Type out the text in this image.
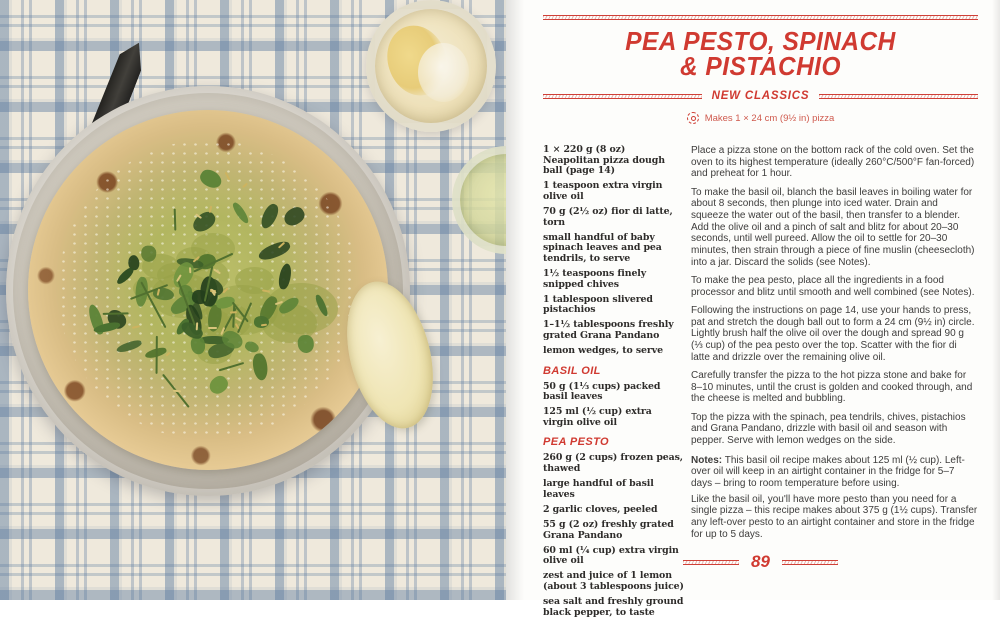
PEA PESTO, SPINACH
& PISTACHIO
NEW CLASSICS
Makes 1 × 24 cm (9½ in) pizza
1 × 220 g (8 oz) Neapolitan pizza dough ball (page 14)
1 teaspoon extra virgin olive oil
70 g (2½ oz) fior di latte, torn
small handful of baby spinach leaves and pea tendrils, to serve
1½ teaspoons finely snipped chives
1 tablespoon slivered pistachios
1–1½ tablespoons freshly grated Grana Pandano
lemon wedges, to serve
BASIL OIL
50 g (1⅓ cups) packed basil leaves
125 ml (½ cup) extra virgin olive oil
PEA PESTO
260 g (2 cups) frozen peas, thawed
large handful of basil leaves
2 garlic cloves, peeled
55 g (2 oz) freshly grated Grana Pandano
60 ml (¼ cup) extra virgin olive oil
zest and juice of 1 lemon (about 3 tablespoons juice)
sea salt and freshly ground black pepper, to taste

Place a pizza stone on the bottom rack of the cold oven. Set the oven to its highest temperature (ideally 260°C/500°F fan-forced) and preheat for 1 hour.

To make the basil oil, blanch the basil leaves in boiling water for about 8 seconds, then plunge into iced water. Drain and squeeze the water out of the basil, then transfer to a blender. Add the olive oil and a pinch of salt and blitz for about 20–30 seconds, until well pureed. Allow the oil to settle for 20–30 minutes, then strain through a piece of fine muslin (cheesecloth) into a jar. Discard the solids (see Notes).

To make the pea pesto, place all the ingredients in a food processor and blitz until smooth and well combined (see Notes).

Following the instructions on page 14, use your hands to press, pat and stretch the dough ball out to form a 24 cm (9½ in) circle. Lightly brush half the olive oil over the dough and spread 90 g (⅓ cup) of the pea pesto over the top. Scatter with the fior di latte and drizzle over the remaining olive oil.

Carefully transfer the pizza to the hot pizza stone and bake for 8–10 minutes, until the crust is golden and cooked through, and the cheese is melted and bubbling.

Top the pizza with the spinach, pea tendrils, chives, pistachios and Grana Pandano, drizzle with basil oil and season with pepper. Serve with lemon wedges on the side.

Notes: This basil oil recipe makes about 125 ml (½ cup). Left-over oil will keep in an airtight container in the fridge for 5–7 days – bring to room temperature before using.

Like the basil oil, you'll have more pesto than you need for a single pizza – this recipe makes about 375 g (1½ cups). Transfer any left-over pesto to an airtight container and store in the fridge for up to 5 days.

89
